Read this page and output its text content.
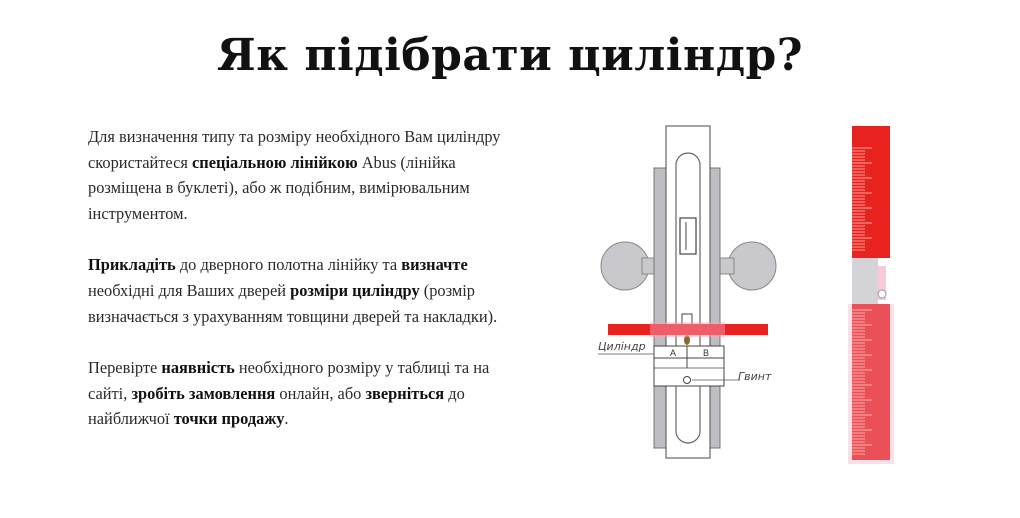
Як підібрати циліндр?

Для визначення типу та розміру необхідного Вам циліндру скористайтеся спеціальною лінійкою Abus (лінійка розміщена в буклеті), або ж подібним, вимірювальним інструментом.

Прикладіть до дверного полотна лінійку та визначте необхідні для Ваших дверей розміри циліндру (розмір визначається з урахуванням товщини дверей та накладки).

Перевірте наявність необхідного розміру у таблиці та на сайті, зробіть замовлення онлайн, або зверніться до найближчої точки продажу.

A	B
Циліндр
Гвинт
